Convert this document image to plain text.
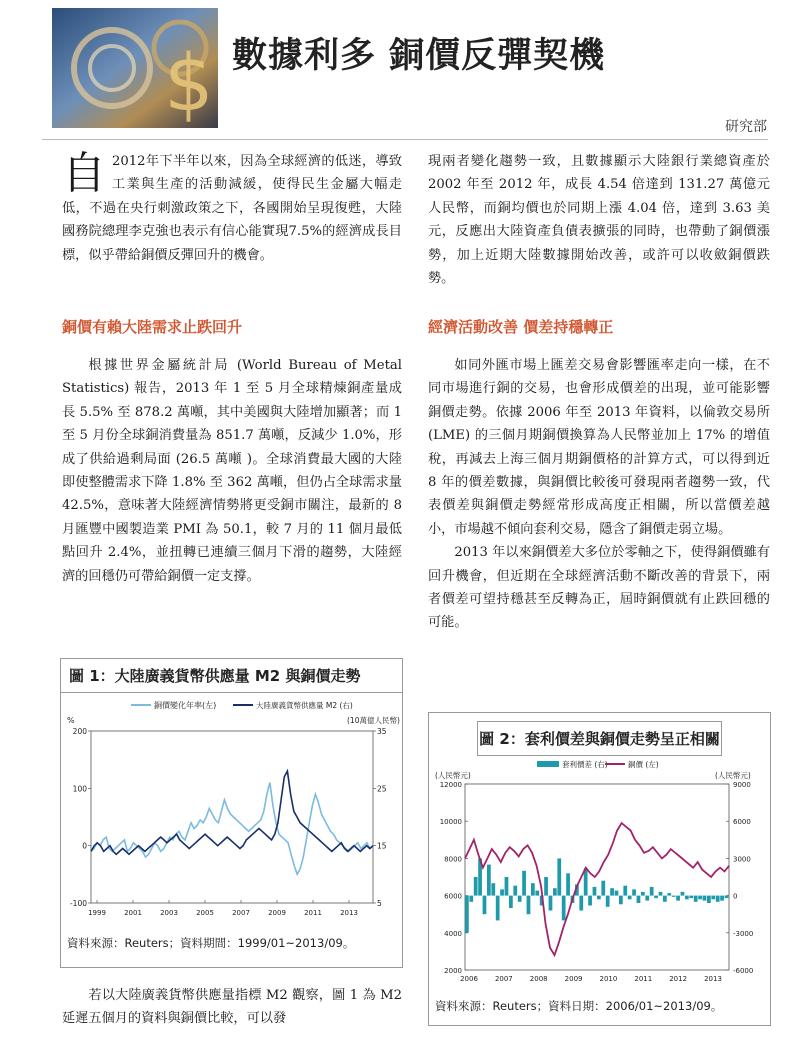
$ 數據利多 銅價反彈契機
研究部

自 2012年下半年以來，因為全球經濟的低迷，導致工業與生產的活動減緩，使得民生金屬大幅走低，不過在央行刺激政策之下，各國開始呈現復甦，大陸國務院總理李克強也表示有信心能實現7.5%的經濟成長目標，似乎帶給銅價反彈回升的機會。

銅價有賴大陸需求止跌回升

根據世界金屬統計局 (World Bureau of Metal Statistics) 報告，2013 年 1 至 5 月全球精煉銅產量成長 5.5% 至 878.2 萬噸，其中美國與大陸增加顯著；而 1 至 5 月份全球銅消費量為 851.7 萬噸，反減少 1.0%，形成了供給過剩局面 (26.5 萬噸 )。全球消費最大國的大陸即使整體需求下降 1.8% 至 362 萬噸，但仍占全球需求量 42.5%，意味著大陸經濟情勢將更受銅市關注，最新的 8 月匯豐中國製造業 PMI 為 50.1，較 7 月的 11 個月最低點回升 2.4%，並扭轉已連續三個月下滑的趨勢，大陸經濟的回穩仍可帶給銅價一定支撐。

圖 1：大陸廣義貨幣供應量 M2 與銅價走勢
銅價變化年率(左)	大陸廣義貨幣供應量 M2 (右)
%	(10萬億人民幣)
200
100
0
-100
35
25
15
5
1999	2001	2003	2005	2007	2009	2011	2013
資料來源：Reuters；資料期間：1999/01~2013/09。

若以大陸廣義貨幣供應量指標 M2 觀察，圖 1 為 M2 延遲五個月的資料與銅價比較，可以發

現兩者變化趨勢一致，且數據顯示大陸銀行業總資產於 2002 年至 2012 年，成長 4.54 倍達到 131.27 萬億元人民幣，而銅均價也於同期上漲 4.04 倍，達到 3.63 美元，反應出大陸資產負債表擴張的同時，也帶動了銅價漲勢，加上近期大陸數據開始改善，或許可以收斂銅價跌勢。

經濟活動改善 價差持穩轉正

如同外匯市場上匯差交易會影響匯率走向一樣，在不同市場進行銅的交易，也會形成價差的出現，並可能影響銅價走勢。依據 2006 年至 2013 年資料，以倫敦交易所 (LME) 的三個月期銅價換算為人民幣並加上 17% 的增值稅，再減去上海三個月期銅價格的計算方式，可以得到近 8 年的價差數據，與銅價比較後可發現兩者趨勢一致，代表價差與銅價走勢經常形成高度正相關，所以當價差越小，市場越不傾向套利交易，隱含了銅價走弱立場。

2013 年以來銅價差大多位於零軸之下，使得銅價雖有回升機會，但近期在全球經濟活動不斷改善的背景下，兩者價差可望持穩甚至反轉為正，屆時銅價就有止跌回穩的可能。

圖 2：套利價差與銅價走勢呈正相關
套利價差 (右)	銅價 (左)
(人民幣元)	(人民幣元)
12000
10000
8000
6000
4000
2000
9000
6000
3000
0
-3000
-6000
2006 2007 2008 2009 2010 2011 2012 2013
資料來源：Reuters；資料日期：2006/01~2013/09。
